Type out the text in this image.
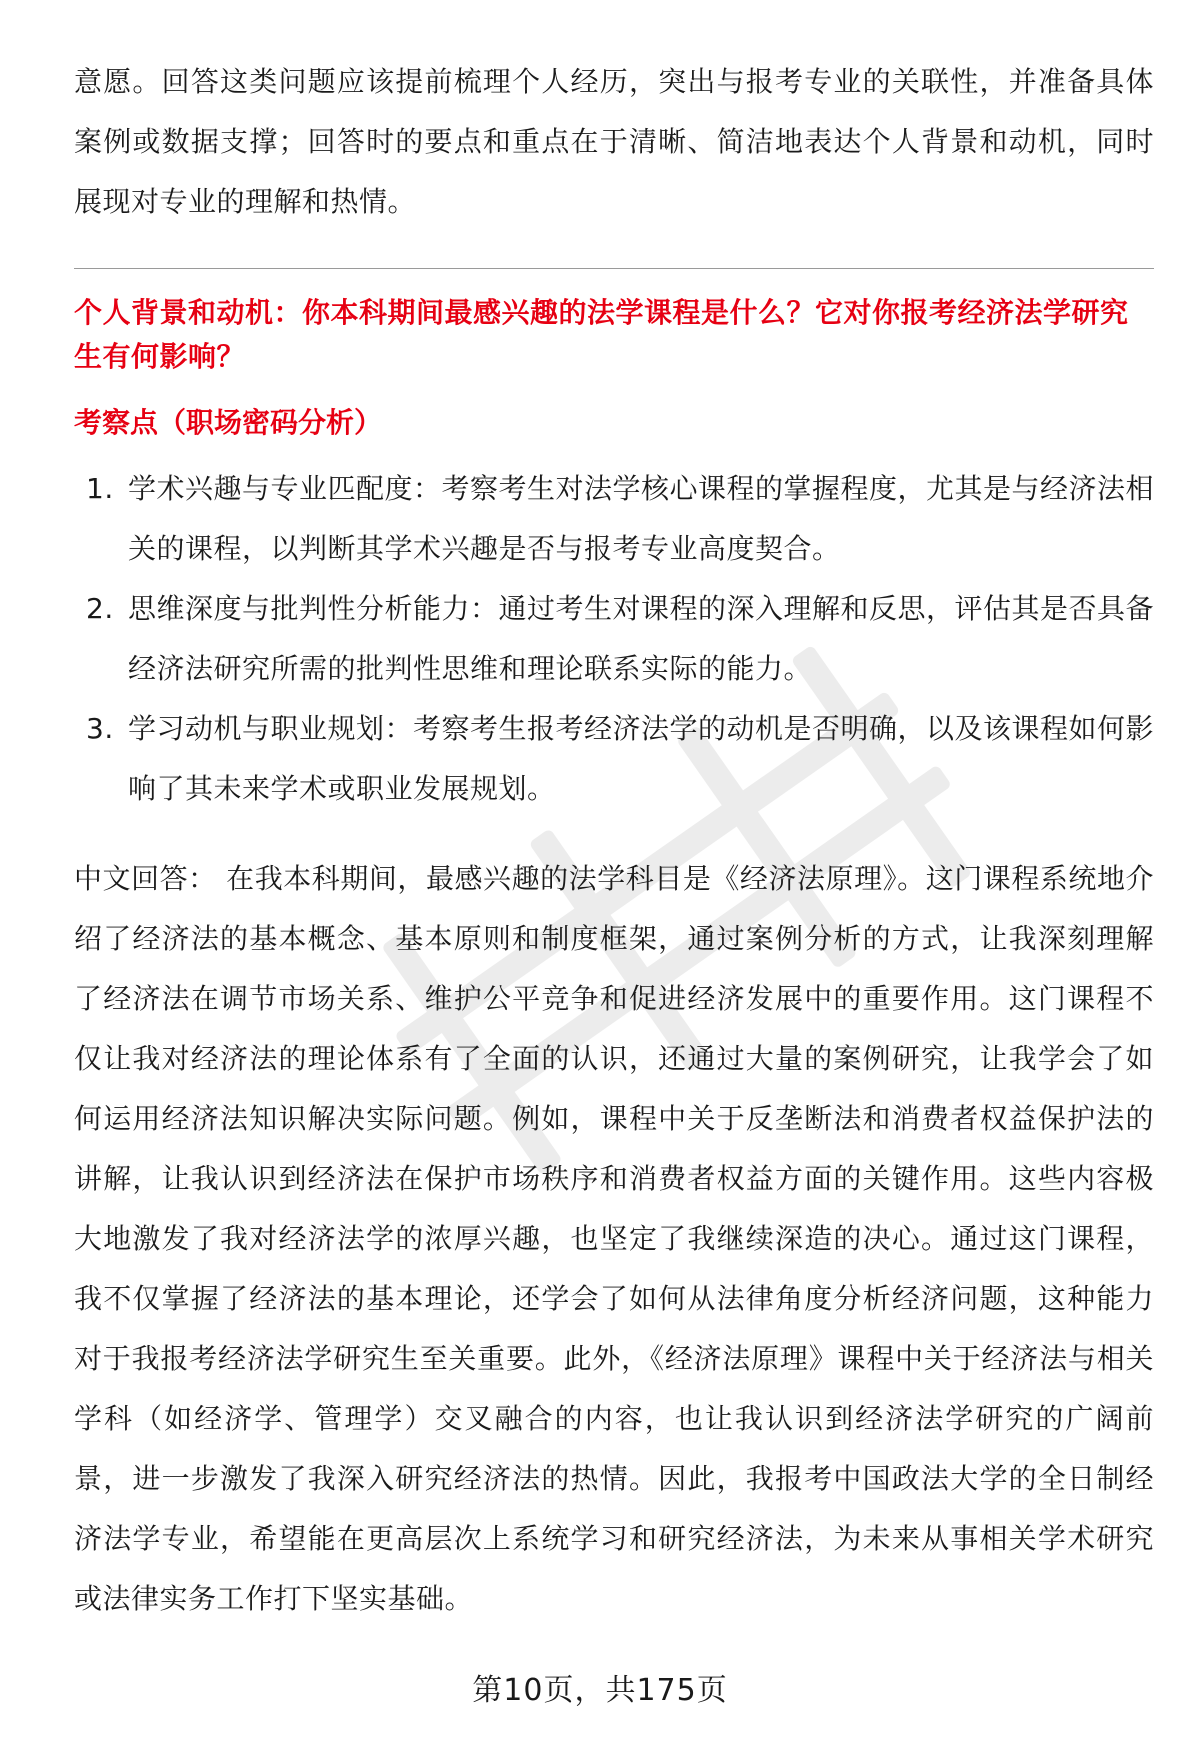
意愿。回答这类问题应该提前梳理个人经历，突出与报考专业的关联性，并准备具体案例或数据支撑；回答时的要点和重点在于清晰、简洁地表达个人背景和动机，同时展现对专业的理解和热情。

个人背景和动机：你本科期间最感兴趣的法学课程是什么？它对你报考经济法学研究生有何影响？

考察点（职场密码分析）

1. 学术兴趣与专业匹配度：考察考生对法学核心课程的掌握程度，尤其是与经济法相关的课程，以判断其学术兴趣是否与报考专业高度契合。
2. 思维深度与批判性分析能力：通过考生对课程的深入理解和反思，评估其是否具备经济法研究所需的批判性思维和理论联系实际的能力。
3. 学习动机与职业规划：考察考生报考经济法学的动机是否明确，以及该课程如何影响了其未来学术或职业发展规划。

中文回答： 在我本科期间，最感兴趣的法学科目是《经济法原理》。这门课程系统地介绍了经济法的基本概念、基本原则和制度框架，通过案例分析的方式，让我深刻理解了经济法在调节市场关系、维护公平竞争和促进经济发展中的重要作用。这门课程不仅让我对经济法的理论体系有了全面的认识，还通过大量的案例研究，让我学会了如何运用经济法知识解决实际问题。例如，课程中关于反垄断法和消费者权益保护法的讲解，让我认识到经济法在保护市场秩序和消费者权益方面的关键作用。这些内容极大地激发了我对经济法学的浓厚兴趣，也坚定了我继续深造的决心。通过这门课程，我不仅掌握了经济法的基本理论，还学会了如何从法律角度分析经济问题，这种能力对于我报考经济法学研究生至关重要。此外，《经济法原理》课程中关于经济法与相关学科（如经济学、管理学）交叉融合的内容，也让我认识到经济法学研究的广阔前景，进一步激发了我深入研究经济法的热情。因此，我报考中国政法大学的全日制经济法学专业，希望能在更高层次上系统学习和研究经济法，为未来从事相关学术研究或法律实务工作打下坚实基础。

第10页，共175页
